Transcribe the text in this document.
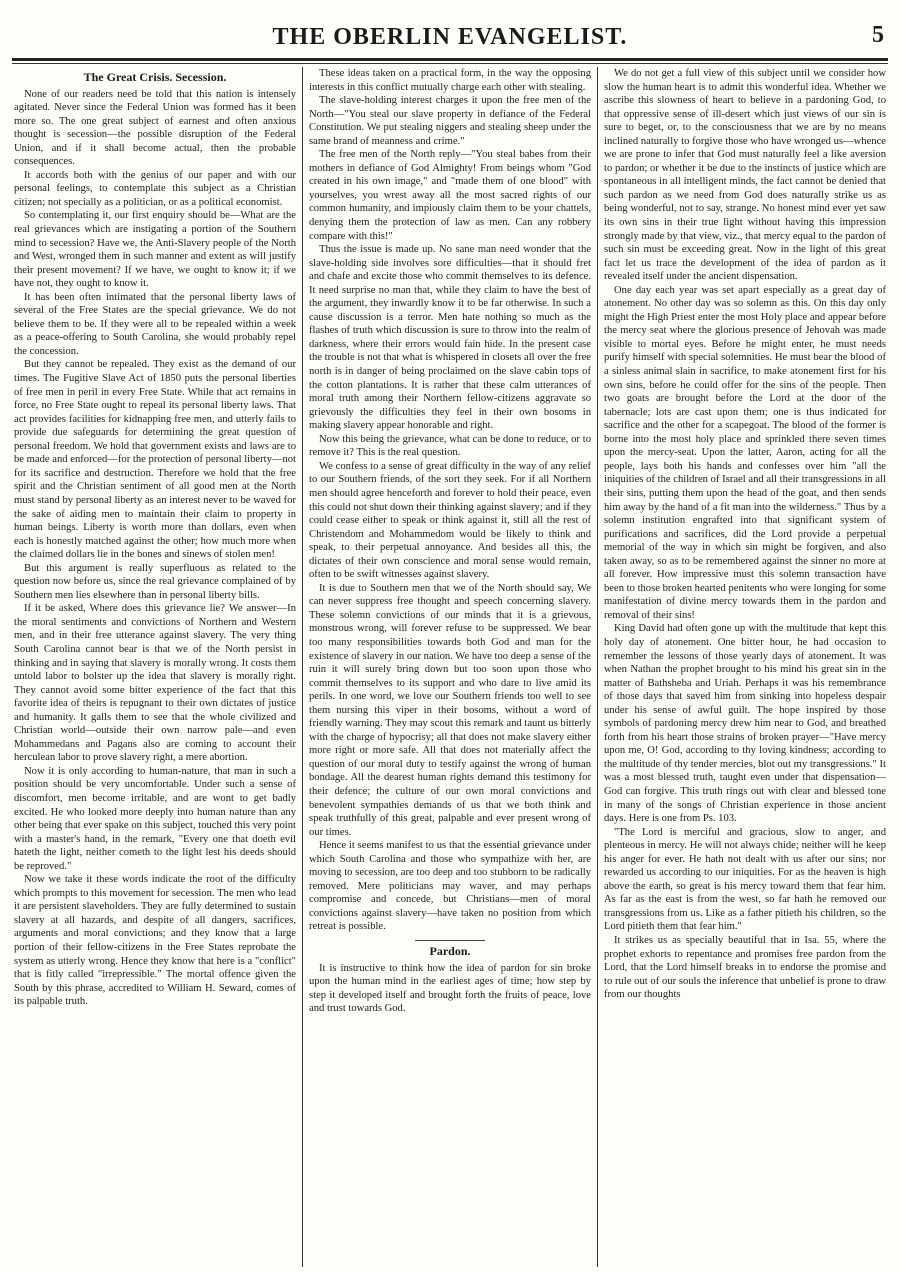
THE OBERLIN EVANGELIST.	5
The Great Crisis. Secession.

None of our readers need be told that this nation is intensely agitated. Never since the Federal Union was formed has it been more so. The one great subject of earnest and often anxious thought is secession—the possible disruption of the Federal Union, and if it shall become actual, then the probable consequences.

It accords both with the genius of our paper and with our personal feelings, to contemplate this subject as a Christian citizen; not specially as a politician, or as a political economist.

So contemplating it, our first enquiry should be—What are the real grievances which are instigating a portion of the Southern mind to secession? Have we, the Anti-Slavery people of the North and West, wronged them in such manner and extent as will justify their present movement? If we have, we ought to know it; if we have not, they ought to know it.

It has been often intimated that the personal liberty laws of several of the Free States are the special grievance. We do not believe them to be. If they were all to be repealed within a week as a peace-offering to South Carolina, she would probably repel the concession.

But they cannot be repealed. They exist as the demand of our times. The Fugitive Slave Act of 1850 puts the personal liberties of free men in peril in every Free State. While that act remains in force, no Free State ought to repeal its personal liberty laws. That act provides facilities for kidnapping free men, and utterly fails to provide due safeguards for determining the great question of personal freedom. We hold that government exists and laws are to be made and enforced—for the protection of personal liberty—not for its sacrifice and destruction. Therefore we hold that the free spirit and the Christian sentiment of all good men at the North must stand by personal liberty as an interest never to be waved for the sake of aiding men to maintain their claim to property in human beings. Liberty is worth more than dollars, even when each is honestly matched against the other; how much more when the claimed dollars lie in the bones and sinews of stolen men!

But this argument is really superfluous as related to the question now before us, since the real grievance complained of by Southern men lies elsewhere than in personal liberty bills.

If it be asked, Where does this grievance lie? We answer—In the moral sentiments and convictions of Northern and Western men, and in their free utterance against slavery. The very thing South Carolina cannot bear is that we of the North persist in thinking and in saying that slavery is morally wrong. It costs them untold labor to bolster up the idea that slavery is morally right. They cannot avoid some bitter experience of the fact that this favorite idea of theirs is repugnant to their own dictates of justice and humanity. It galls them to see that the whole civilized and Christian world—outside their own narrow pale—and even Mohammedans and Pagans also are coming to account their herculean labor to prove slavery right, a mere abortion.

Now it is only according to human-nature, that man in such a position should be very uncomfortable. Under such a sense of discomfort, men become irritable, and are wont to get badly excited. He who looked more deeply into human nature than any other being that ever spake on this subject, touched this very point with a master's hand, in the remark, "Every one that doeth evil hateth the light, neither cometh to the light lest his deeds should be reproved."

Now we take it these words indicate the root of the difficulty which prompts to this movement for secession. The men who lead it are persistent slaveholders. They are fully determined to sustain slavery at all hazards, and despite of all dangers, sacrifices, arguments and moral convictions; and they know that a large portion of their fellow-citizens in the Free States reprobate the system as utterly wrong. Hence they know that here is a "conflict" that is fitly called "irrepressible." The mortal offence given the South by this phrase, accredited to William H. Seward, comes of its palpable truth.

These ideas taken on a practical form, in the way the opposing interests in this conflict mutually charge each other with stealing.

The slave-holding interest charges it upon the free men of the North—"You steal our slave property in defiance of the Federal Constitution. We put stealing niggers and stealing sheep under the same brand of meanness and crime."

The free men of the North reply—"You steal babes from their mothers in defiance of God Almighty! From beings whom "God created in his own image," and "made them of one blood" with yourselves, you wrest away all the most sacred rights of our common humanity, and impiously claim them to be your chattels, denying them the protection of law as men. Can any robbery compare with this!"

Thus the issue is made up. No sane man need wonder that the slave-holding side involves sore difficulties—that it should fret and chafe and excite those who commit themselves to its defence. It need surprise no man that, while they claim to have the best of the argument, they inwardly know it to be far otherwise. In such a cause discussion is a terror. Men hate nothing so much as the flashes of truth which discussion is sure to throw into the realm of darkness, where their errors would fain hide. In the present case the trouble is not that what is whispered in closets all over the free north is in danger of being proclaimed on the slave cabin tops of the cotton plantations. It is rather that these calm utterances of moral truth among their Northern fellow-citizens aggravate so grievously the difficulties they feel in their own bosoms in making slavery appear honorable and right.

Now this being the grievance, what can be done to reduce, or to remove it? This is the real question.

We confess to a sense of great difficulty in the way of any relief to our Southern friends, of the sort they seek. For if all Northern men should agree henceforth and forever to hold their peace, even this could not shut down their thinking against slavery; and if they could cease either to speak or think against it, still all the rest of Christendom and Mohammedom would be likely to think and speak, to their perpetual annoyance. And besides all this, the dictates of their own conscience and moral sense would remain, often to be swift witnesses against slavery.

It is due to Southern men that we of the North should say, We can never suppress free thought and speech concerning slavery. These solemn convictions of our minds that it is a grievous, monstrous wrong, will forever refuse to be suppressed. We bear too many responsibilities towards both God and man for the existence of slavery in our nation. We have too deep a sense of the ruin it will surely bring down but too soon upon those who commit themselves to its support and who dare to live amid its perils. In one word, we love our Southern friends too well to see them nursing this viper in their bosoms, without a word of friendly warning. They may scout this remark and taunt us bitterly with the charge of hypocrisy; all that does not make slavery either more right or more safe. All that does not materially affect the question of our moral duty to testify against the wrong of human bondage. All the dearest human rights demand this testimony for their defence; the culture of our own moral convictions and benevolent sympathies demands of us that we both think and speak truthfully of this great, palpable and ever present wrong of our times.

Hence it seems manifest to us that the essential grievance under which South Carolina and those who sympathize with her, are moving to secession, are too deep and too stubborn to be radically removed. Mere politicians may waver, and may perhaps compromise and concede, but Christians—men of moral convictions against slavery—have taken no position from which retreat is possible.

Pardon.

It is instructive to think how the idea of pardon for sin broke upon the human mind in the earliest ages of time; how step by step it developed itself and brought forth the fruits of peace, love and trust towards God.

We do not get a full view of this subject until we consider how slow the human heart is to admit this wonderful idea. Whether we ascribe this slowness of heart to believe in a pardoning God, to that oppressive sense of ill-desert which just views of our sin is sure to beget, or, to the consciousness that we are by no means inclined naturally to forgive those who have wronged us—whence we are prone to infer that God must naturally feel a like aversion to pardon; or whether it be due to the instincts of justice which are spontaneous in all intelligent minds, the fact cannot be denied that such pardon as we need from God does naturally strike us as being wonderful, not to say, strange. No honest mind ever yet saw its own sins in their true light without having this impression strongly made by that view, viz., that mercy equal to the pardon of such sin must be exceeding great. Now in the light of this great fact let us trace the development of the idea of pardon as it revealed itself under the ancient dispensation.

One day each year was set apart especially as a great day of atonement. No other day was so solemn as this. On this day only might the High Priest enter the most Holy place and appear before the mercy seat where the glorious presence of Jehovah was made visible to mortal eyes. Before he might enter, he must needs purify himself with special solemnities. He must bear the blood of a sinless animal slain in sacrifice, to make atonement first for his own sins, before he could offer for the sins of the people. Then two goats are brought before the Lord at the door of the tabernacle; lots are cast upon them; one is thus indicated for sacrifice and the other for a scapegoat. The blood of the former is borne into the most holy place and sprinkled there seven times upon the mercy-seat. Upon the latter, Aaron, acting for all the people, lays both his hands and confesses over him "all the iniquities of the children of Israel and all their transgressions in all their sins, putting them upon the head of the goat, and then sends him away by the hand of a fit man into the wilderness." Thus by a solemn institution engrafted into that significant system of purifications and sacrifices, did the Lord provide a perpetual memorial of the way in which sin might be forgiven, and also taken away, so as to be remembered against the sinner no more at all forever. How impressive must this solemn transaction have been to those broken hearted penitents who were longing for some manifestation of divine mercy towards them in the pardon and removal of their sins!

King David had often gone up with the multitude that kept this holy day of atonement. One bitter hour, he had occasion to remember the lessons of those yearly days of atonement. It was when Nathan the prophet brought to his mind his great sin in the matter of Bathsheba and Uriah. Perhaps it was his remembrance of those days that saved him from sinking into hopeless despair under his sense of awful guilt. The hope inspired by those symbols of pardoning mercy drew him near to God, and breathed forth from his heart those strains of broken prayer—"Have mercy upon me, O! God, according to thy loving kindness; according to the multitude of thy tender mercies, blot out my transgressions." It was a most blessed truth, taught even under that dispensation—God can forgive. This truth rings out with clear and blessed tone in many of the songs of Christian experience in those ancient days. Here is one from Ps. 103.

"The Lord is merciful and gracious, slow to anger, and plenteous in mercy. He will not always chide; neither will he keep his anger for ever. He hath not dealt with us after our sins; nor rewarded us according to our iniquities. For as the heaven is high above the earth, so great is his mercy toward them that fear him. As far as the east is from the west, so far hath he removed our transgressions from us. Like as a father pitieth his children, so the Lord pitieth them that fear him."

It strikes us as specially beautiful that in Isa. 55, where the prophet exhorts to repentance and promises free pardon from the Lord, that the Lord himself breaks in to endorse the promise and to rule out of our souls the inference that unbelief is prone to draw from our thoughts
